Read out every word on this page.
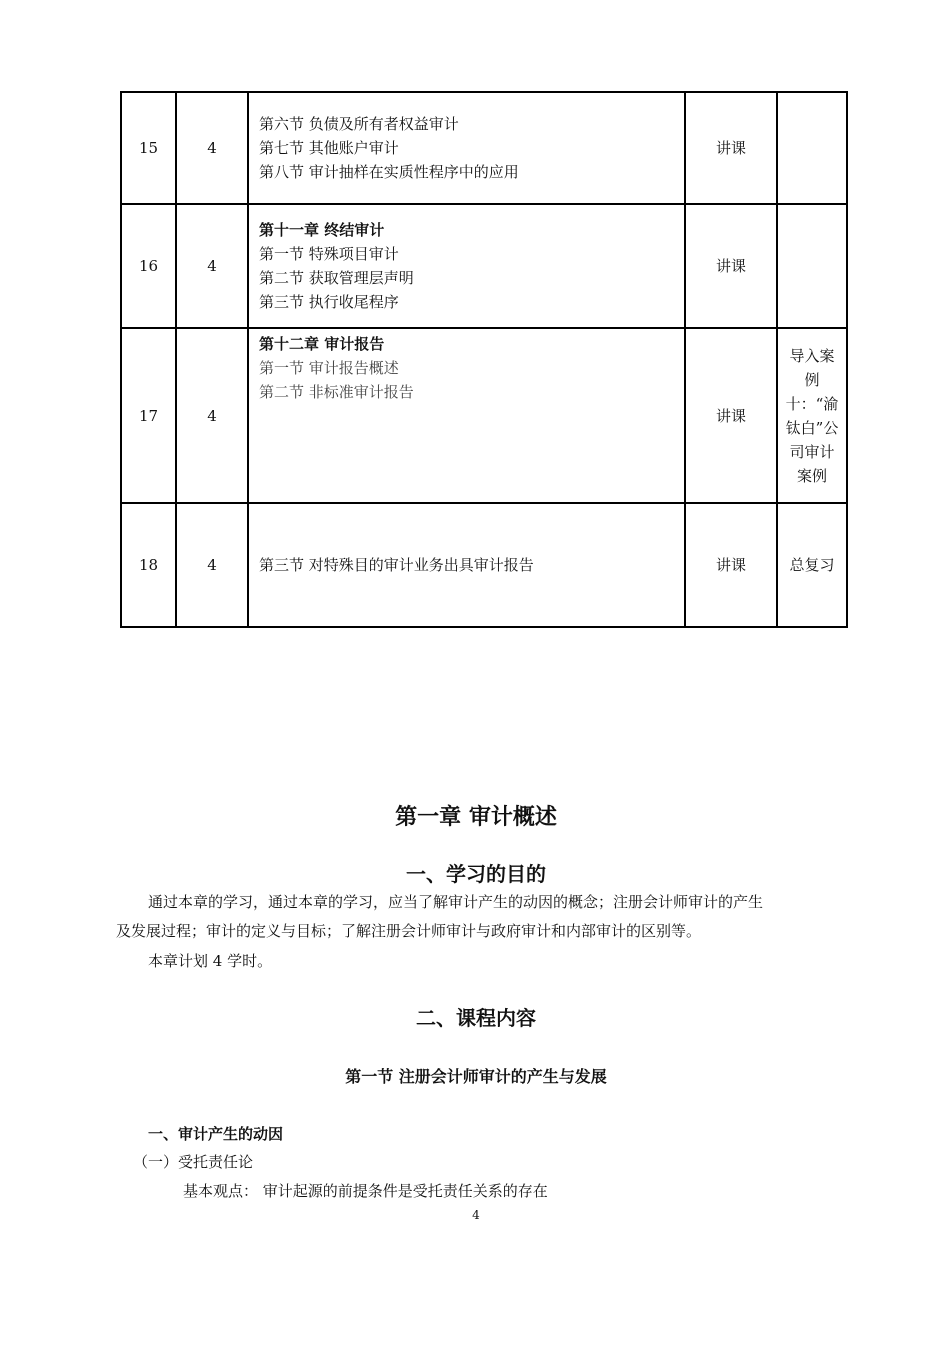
15	4	第六节 负债及所有者权益审计
第七节 其他账户审计
第八节 审计抽样在实质性程序中的应用	讲课	

16	4	第十一章 终结审计
第一节 特殊项目审计
第二节 获取管理层声明
第三节 执行收尾程序	讲课	

17	4	第十二章 审计报告
第一节 审计报告概述
第二节 非标准审计报告	讲课	导入案例十：“渝钛白”公司审计案例

18	4	第三节 对特殊目的审计业务出具审计报告	讲课	总复习
第一章 审计概述
一、学习的目的
通过本章的学习，通过本章的学习，应当了解审计产生的动因的概念；注册会计师审计的产生
及发展过程；审计的定义与目标；了解注册会计师审计与政府审计和内部审计的区别等。
本章计划 4 学时。
二、课程内容
第一节 注册会计师审计的产生与发展
一、审计产生的动因
（一）受托责任论
基本观点： 审计起源的前提条件是受托责任关系的存在
4
